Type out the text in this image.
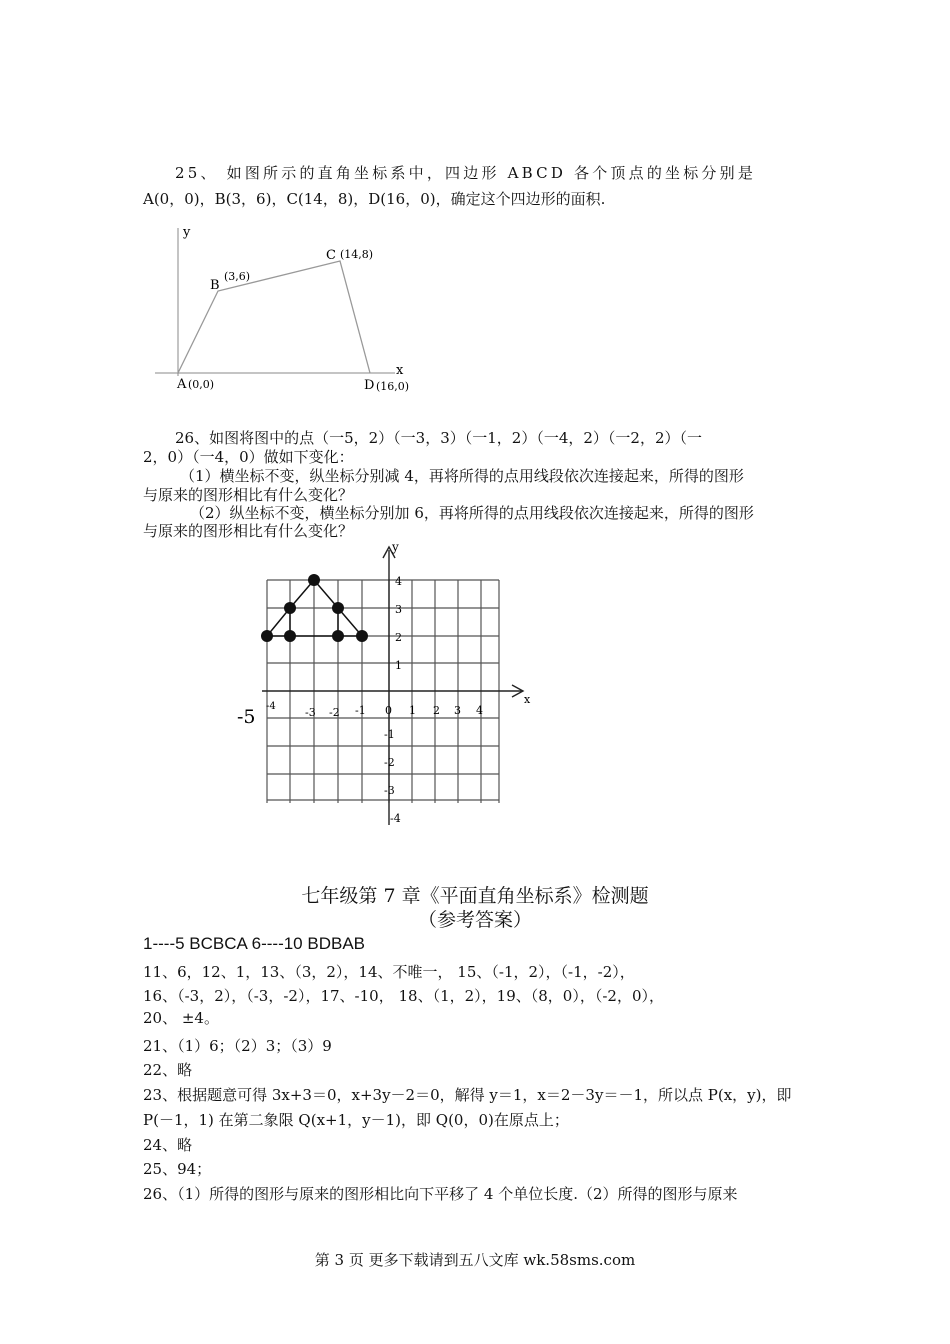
25、 如图所示的直角坐标系中，四边形 ABCD 各个顶点的坐标分别是
A(0，0)，B(3，6)，C(14，8)，D(16，0)，确定这个四边形的面积.
y
x
A (0,0)
B
(3,6)
C (14,8)
D (16,0)
26、如图将图中的点（一5，2）（一3，3）（一1，2）（一4，2）（一2，2）（一
2，0）（一4，0）做如下变化：
（1）横坐标不变，纵坐标分别减 4，再将所得的点用线段依次连接起来，所得的图形
与原来的图形相比有什么变化？
（2）纵坐标不变，横坐标分别加 6，再将所得的点用线段依次连接起来，所得的图形
与原来的图形相比有什么变化？
y
x
4
3
2
1
-1
-2
-3
-4
-4	-3 -2 -1 0 1 2 3 4
-5
七年级第 7 章《平面直角坐标系》检测题
（参考答案）
1----5 BCBCA 6----10 BDBAB
11、6，12、1，13、（3，2），14、不唯一， 15、（-1，2），（-1，-2），
16、（-3，2），（-3，-2），17、-10， 18、（1，2），19、（8，0），（-2，0），
20、 ±4。
21、（1）6；（2）3；（3）9
22、略
23、根据题意可得 3x+3＝0，x+3y－2＝0，解得 y＝1，x＝2－3y＝－1，所以点 P(x，y)，即
P(－1，1) 在第二象限 Q(x+1，y－1)，即 Q(0，0)在原点上；
24、略
25、94；
26、（1）所得的图形与原来的图形相比向下平移了 4 个单位长度.（2）所得的图形与原来
第 3 页 更多下载请到五八文库 wk.58sms.com
